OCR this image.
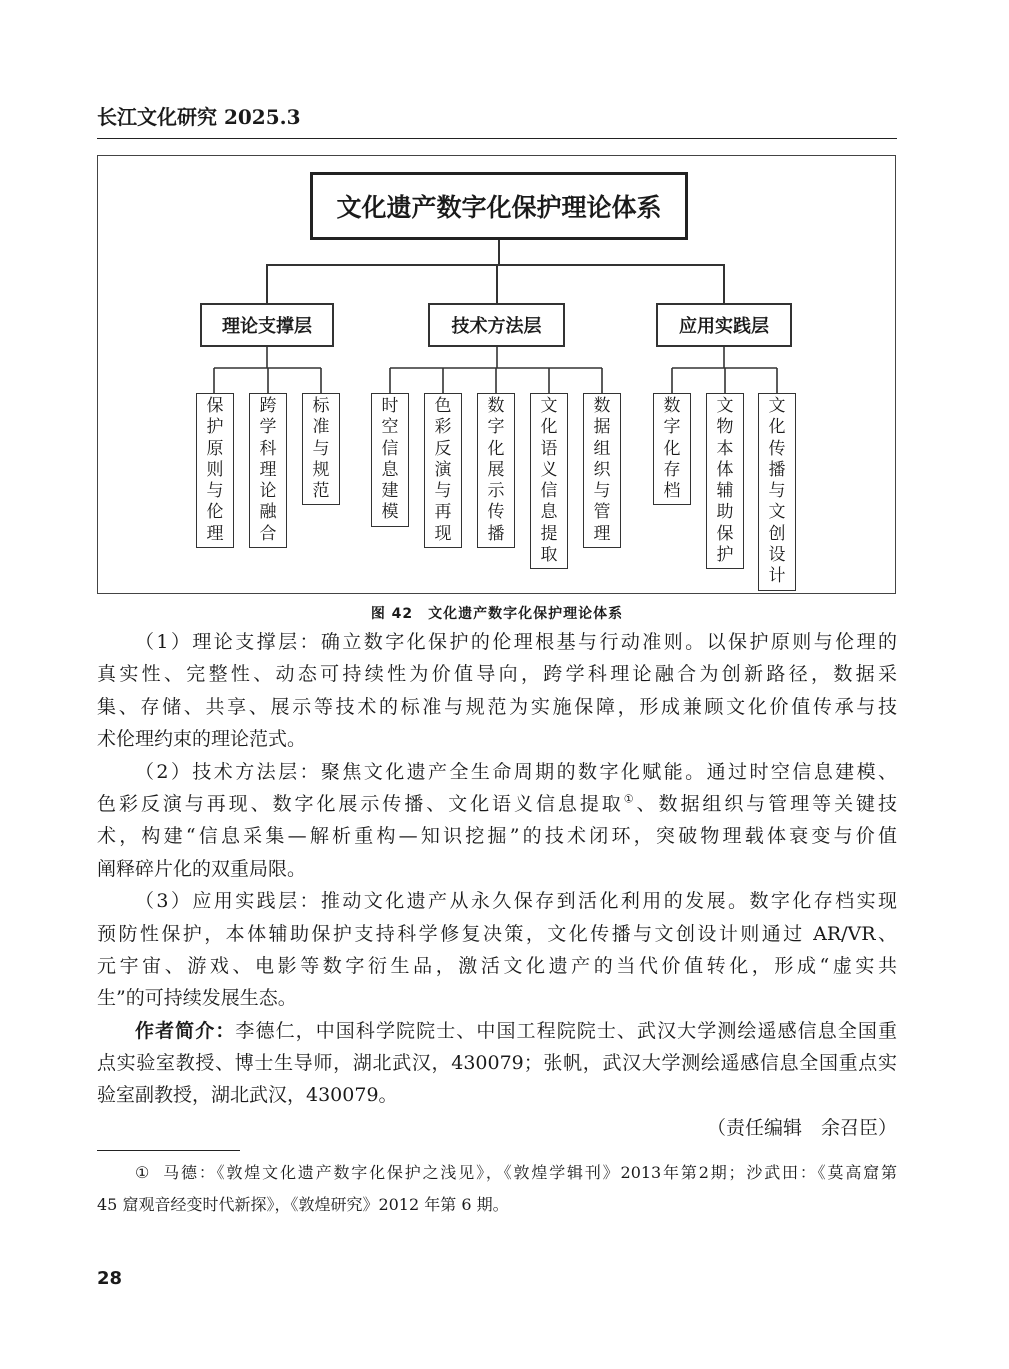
长江文化研究 2025.3
文化遗产数字化保护理论体系
理论支撑层	技术方法层	应用实践层
保护原则与伦理
跨学科理论融合
标准与规范
时空信息建模
色彩反演与再现
数字化展示传播
文化语义信息提取
数据组织与管理
数字化存档
文物本体辅助保护
文化传播与文创设计
图 42　文化遗产数字化保护理论体系
（1）理论支撑层：确立数字化保护的伦理根基与行动准则。以保护原则与伦理的
真实性、完整性、动态可持续性为价值导向，跨学科理论融合为创新路径，数据采
集、存储、共享、展示等技术的标准与规范为实施保障，形成兼顾文化价值传承与技
术伦理约束的理论范式。
（2）技术方法层：聚焦文化遗产全生命周期的数字化赋能。通过时空信息建模、
色彩反演与再现、数字化展示传播、文化语义信息提取①、数据组织与管理等关键技
术，构建“信息采集—解析重构—知识挖掘”的技术闭环，突破物理载体衰变与价值
阐释碎片化的双重局限。
（3）应用实践层：推动文化遗产从永久保存到活化利用的发展。数字化存档实现
预防性保护，本体辅助保护支持科学修复决策，文化传播与文创设计则通过 AR/VR、
元宇宙、游戏、电影等数字衍生品，激活文化遗产的当代价值转化，形成“虚实共
生”的可持续发展生态。
作者简介：李德仁，中国科学院院士、中国工程院院士、武汉大学测绘遥感信息全国重
点实验室教授、博士生导师，湖北武汉，430079；张帆，武汉大学测绘遥感信息全国重点实
验室副教授，湖北武汉，430079。
（责任编辑　余召臣）
① 马德：《敦煌文化遗产数字化保护之浅见》，《敦煌学辑刊》2013年第2期；沙武田：《莫高窟第
45 窟观音经变时代新探》，《敦煌研究》2012 年第 6 期。
28
